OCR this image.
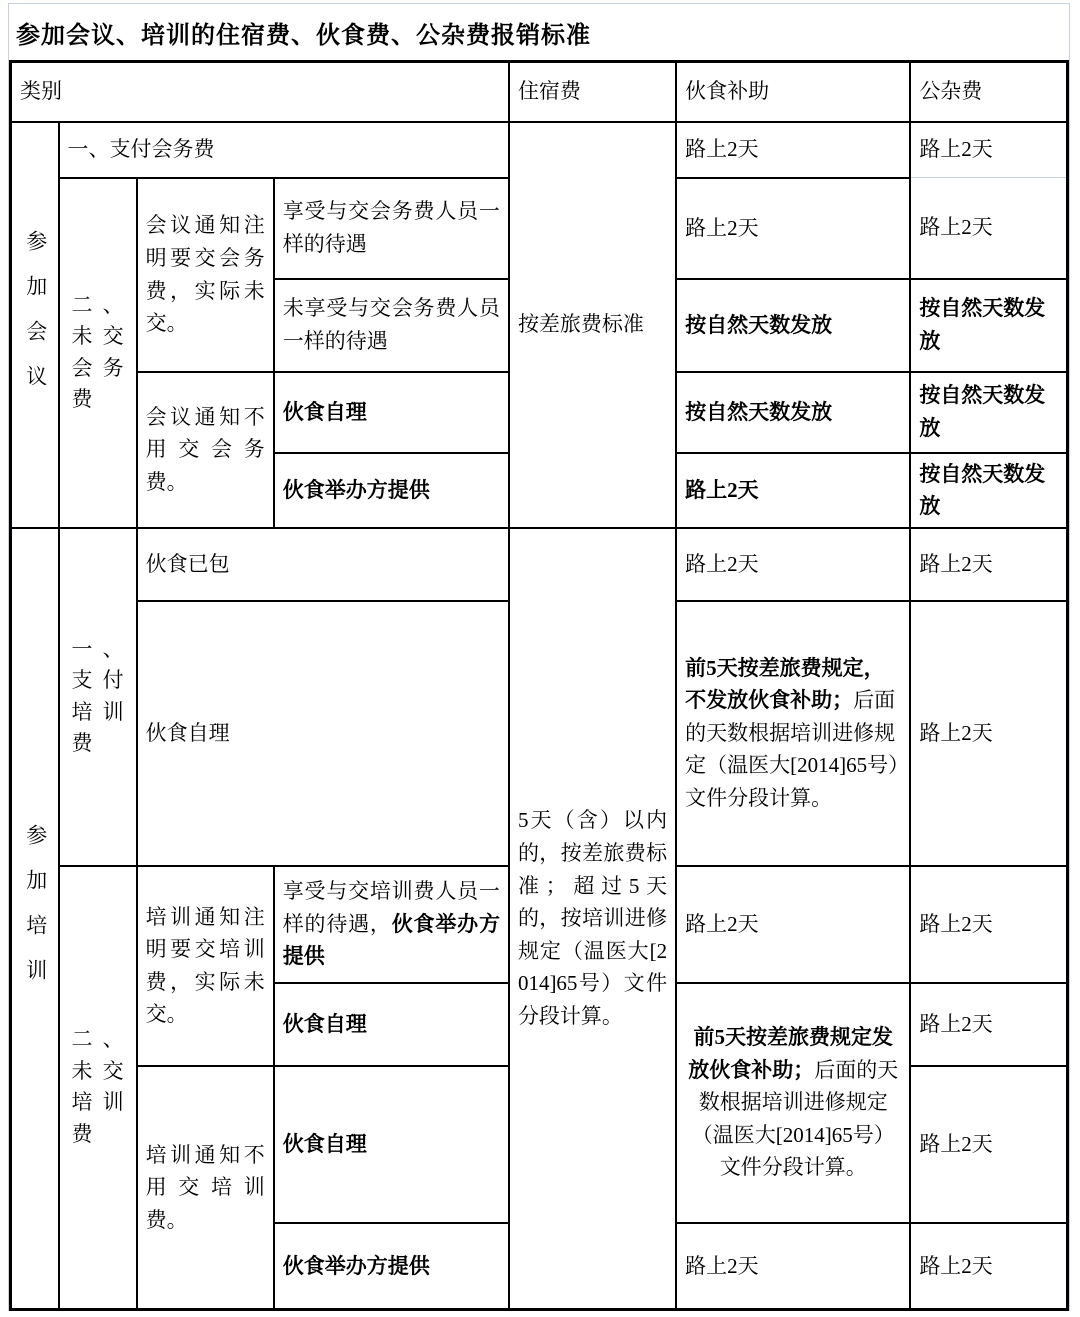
参加会议、培训的住宿费、伙食费、公杂费报销标准
类别				住宿费	伙食补助	公杂费
参加会议	一、支付会务费			按差旅费标准	路上2天	路上2天
	二、未交会务费	会议通知注明要交会务费，实际未交。	享受与交会务费人员一样的待遇		路上2天	路上2天
			未享受与交会务费人员一样的待遇		按自然天数发放	按自然天数发放
		会议通知不用交会务费。	伙食自理		按自然天数发放	按自然天数发放
			伙食举办方提供		路上2天	按自然天数发放
参加培训	一、支付培训费	伙食已包		5天（含）以内的，按差旅费标准；超过5天的，按培训进修规定（温医大[2014]65号）文件分段计算。	路上2天	路上2天
		伙食自理			前5天按差旅费规定，不发放伙食补助；后面的天数根据培训进修规定（温医大[2014]65号）文件分段计算。	路上2天
	二、未交培训费	培训通知注明要交培训费，实际未交。	享受与交培训费人员一样的待遇，伙食举办方提供		路上2天	路上2天
			伙食自理		前5天按差旅费规定发放伙食补助；后面的天数根据培训进修规定（温医大[2014]65号）文件分段计算。	路上2天
		培训通知不用交培训费。	伙食自理			路上2天
			伙食举办方提供		路上2天	路上2天
